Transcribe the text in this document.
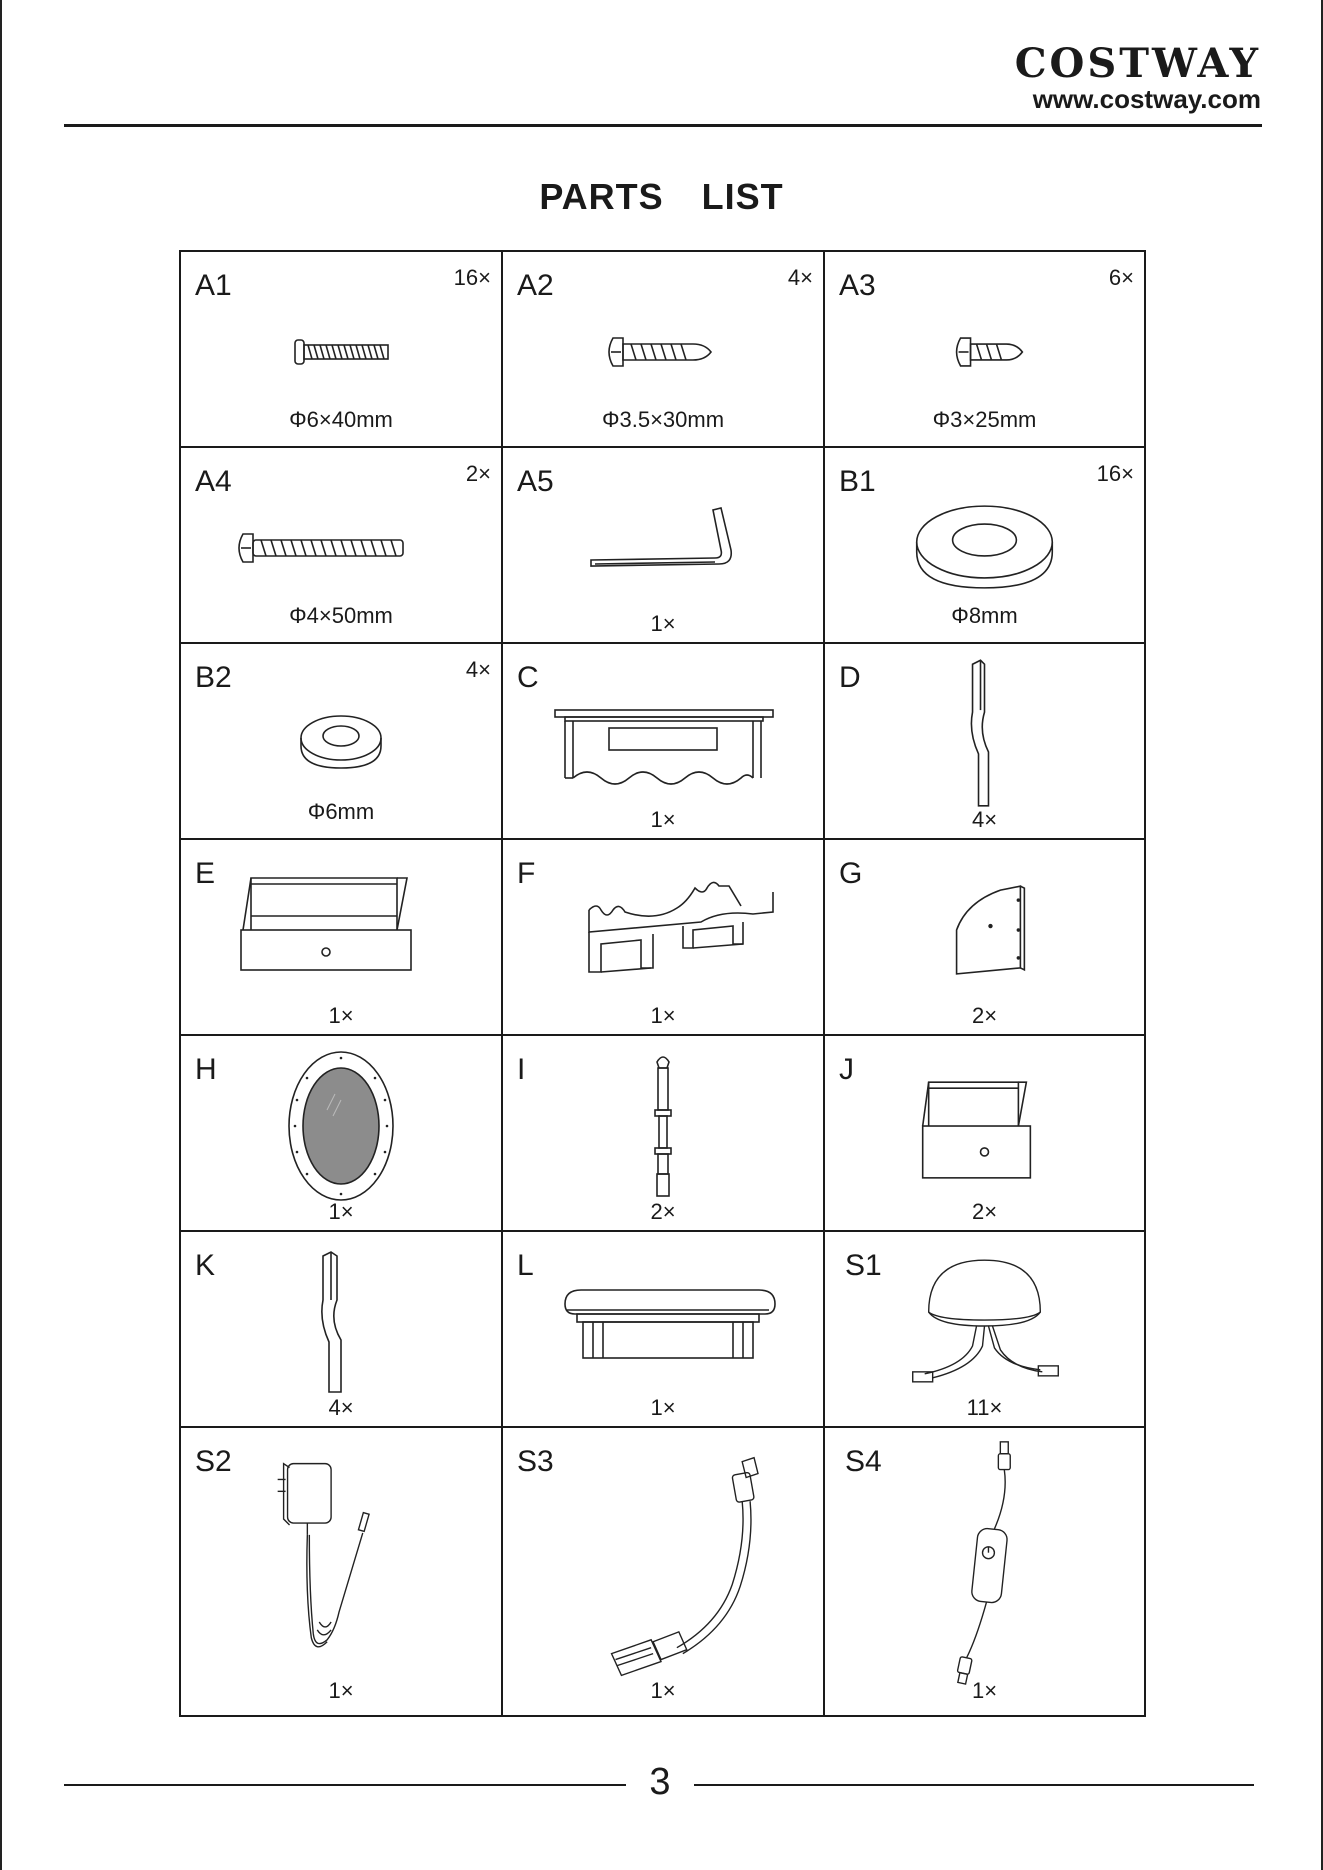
COSTWAY
www.costway.com
PARTS  LIST
A1	16×
Φ6×40mm
A2	4×
Φ3.5×30mm
A3	6×
Φ3×25mm
A4	2×
Φ4×50mm
A5
1×
B1	16×
Φ8mm
B2	4×
Φ6mm
C
1×
D
4×
E
1×
F
1×
G
2×
H
1×
I
2×
J
2×
K
4×
L
1×
S1
11×
S2
1×
S3
1×
S4
1×
3
